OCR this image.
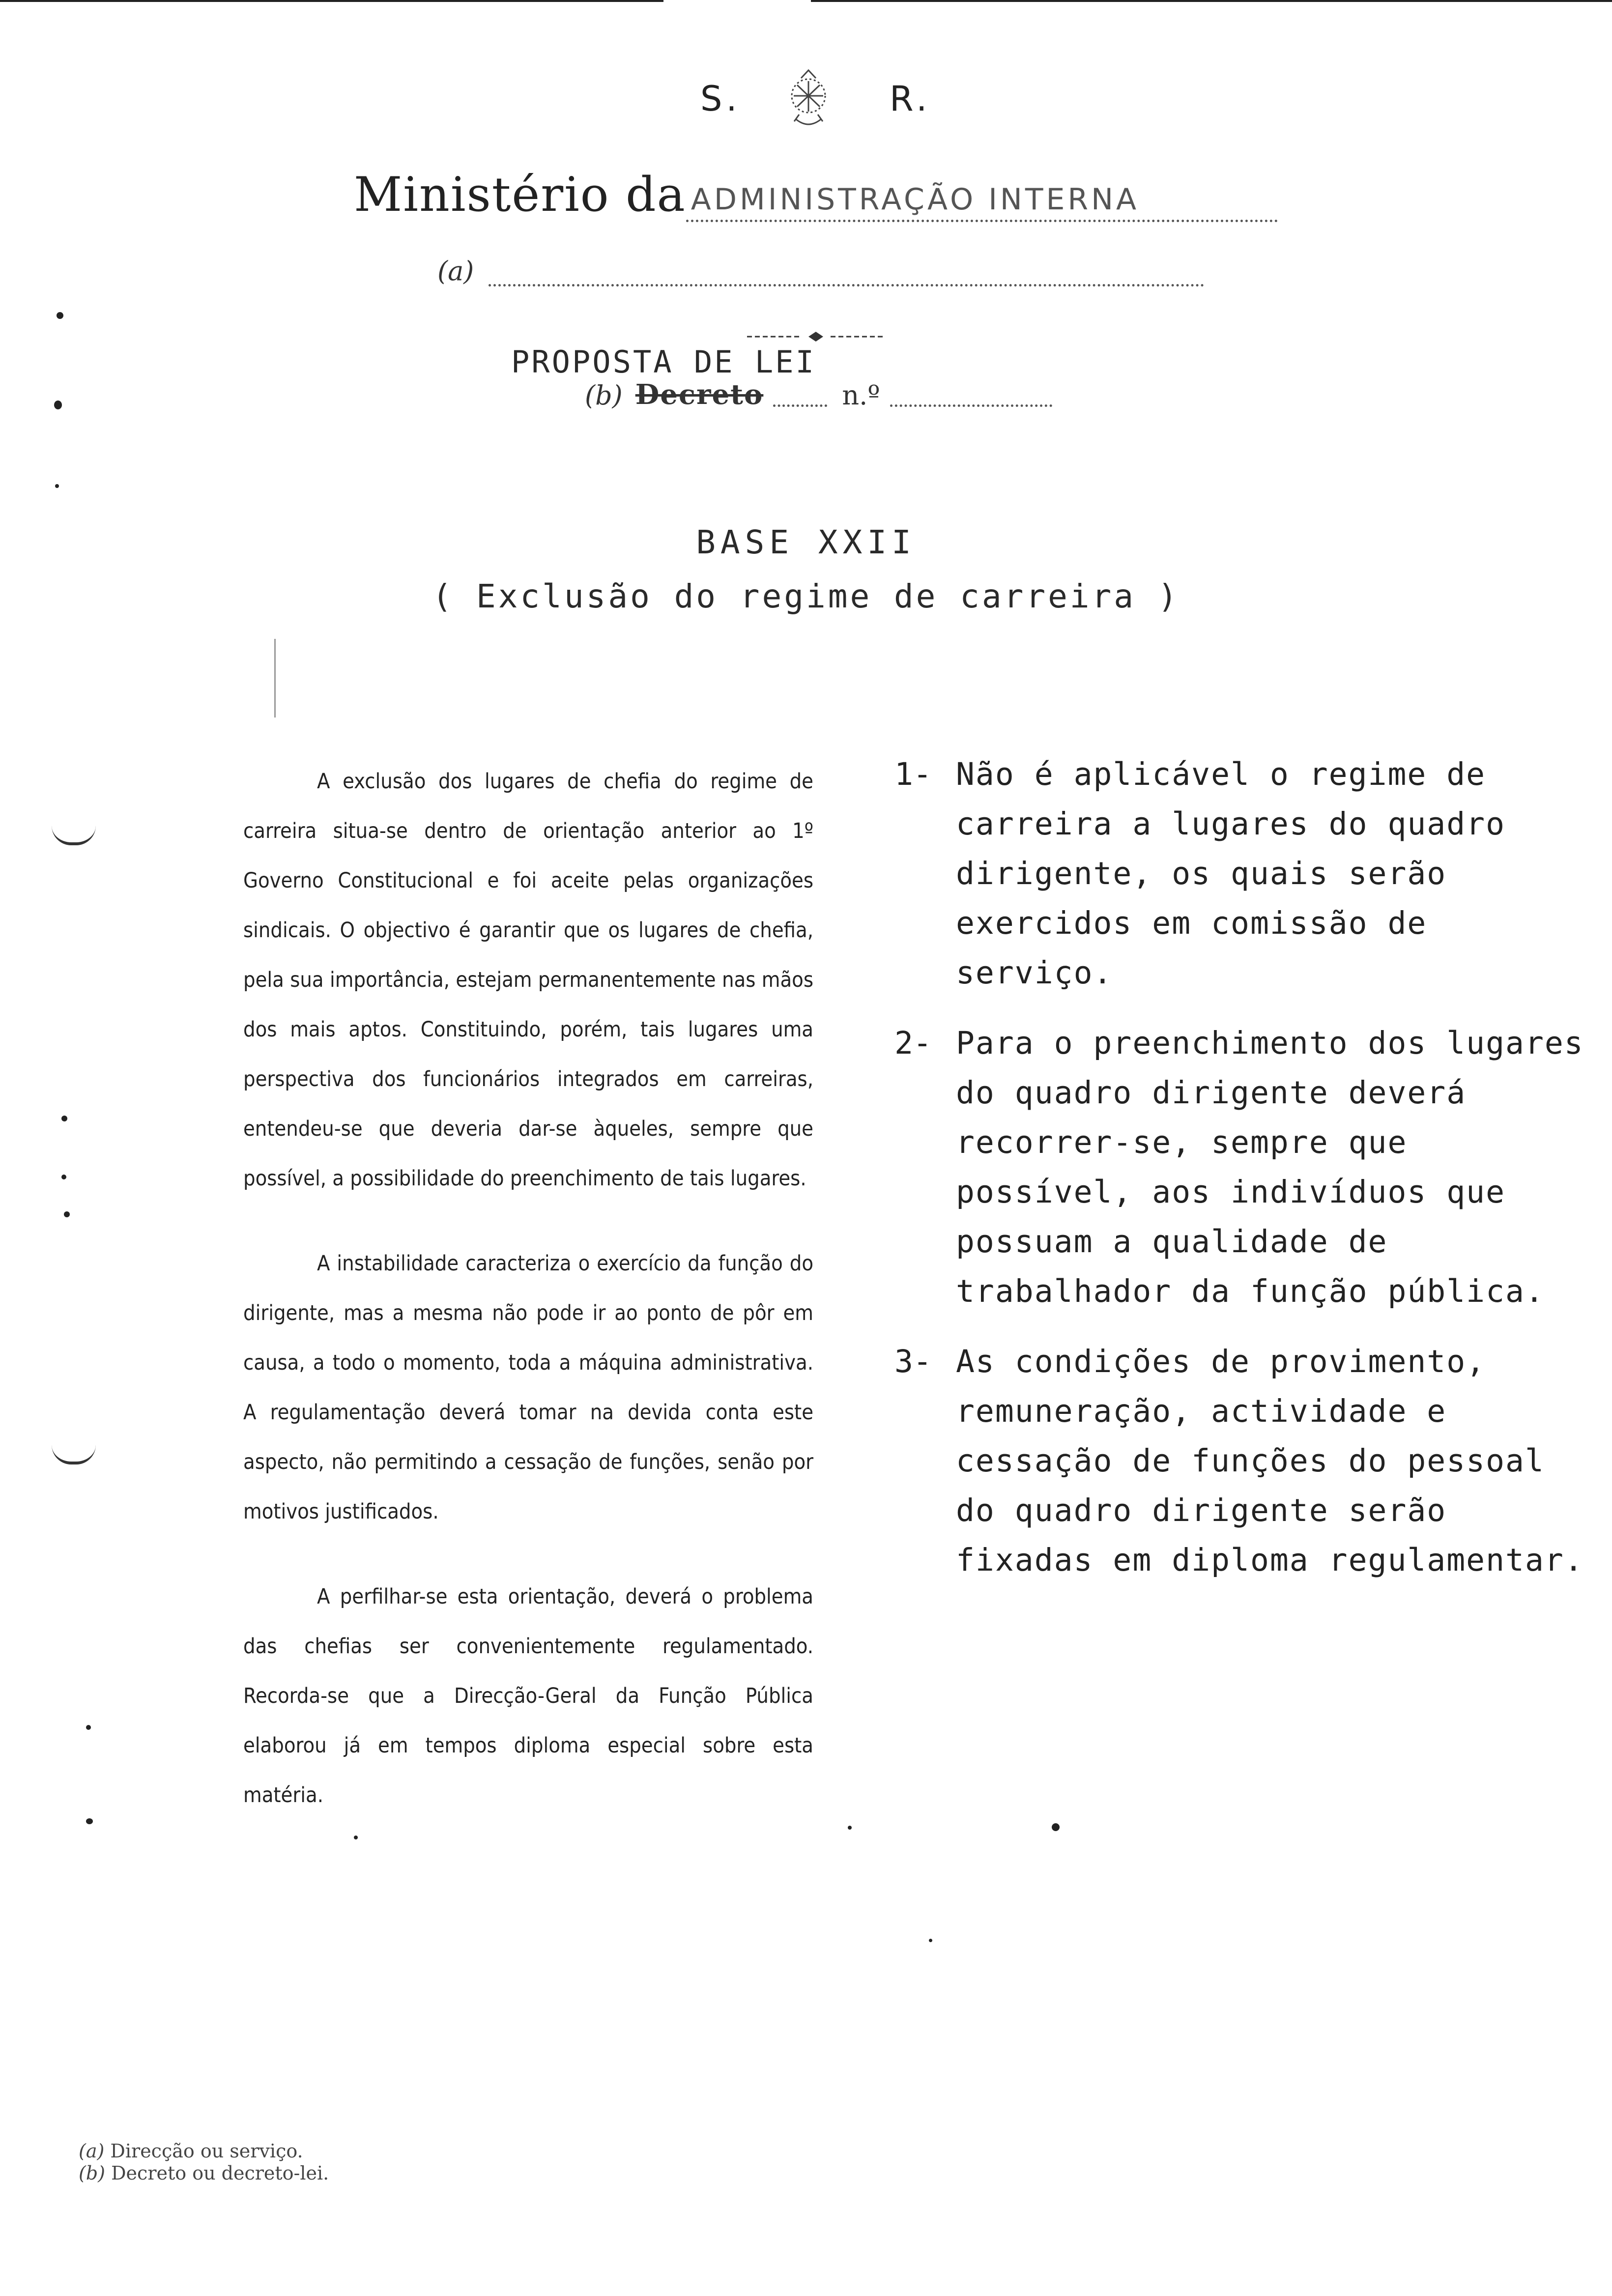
S.	R.
Ministério da ADMINISTRAÇÃO INTERNA
(a)
PROPOSTA DE LEI
(b) Decreto	n.º
BASE XXII
( Exclusão do regime de carreira )

A exclusão dos lugares de chefia do regime de carreira situa-se dentro de orientação anterior ao 1º Governo Constitucional e foi aceite pelas organizações sindicais. O objectivo é garantir que os lugares de chefia, pela sua importância, estejam permanentemente nas mãos dos mais aptos. Constituindo, porém, tais lugares uma perspectiva dos funcionários integrados em carreiras, entendeu-se que deveria dar-se àqueles, sempre que possível, a possibilidade do preenchimento de tais lugares.

A instabilidade caracteriza o exercício da função do dirigente, mas a mesma não pode ir ao ponto de pôr em causa, a todo o momento, toda a máquina administrativa. A regulamentação deverá tomar na devida conta este aspecto, não permitindo a cessação de funções, senão por motivos justificados.

A perfilhar-se esta orientação, deverá o problema das chefias ser convenientemente regulamentado. Recorda-se que a Direcção-Geral da Função Pública elaborou já em tempos diploma especial sobre esta matéria.

1- Não é aplicável o regime de carreira a lugares do quadro dirigente, os quais serão exercidos em comissão de serviço.
2- Para o preenchimento dos lugares do quadro dirigente deverá recorrer-se, sempre que possível, aos indivíduos que possuam a qualidade de trabalhador da função pública.
3- As condições de provimento, remuneração, actividade e cessação de funções do pessoal do quadro dirigente serão fixadas em diploma regulamentar.
(a) Direcção ou serviço.
(b) Decreto ou decreto-lei.
